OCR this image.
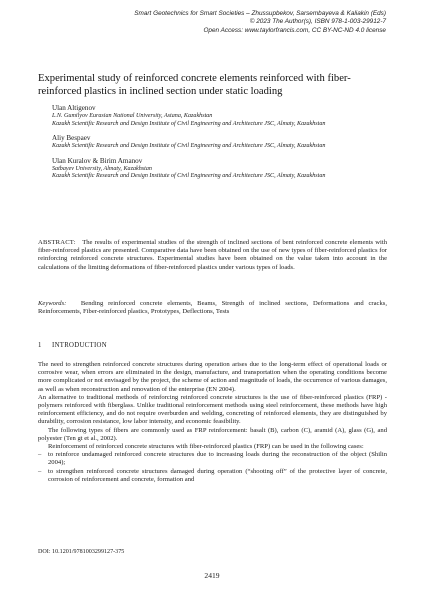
Smart Geotechnics for Smart Societies – Zhussupbekov, Sarsembayeva & Kaliakin (Eds)
© 2023 The Author(s), ISBN 978-1-003-29912-7
Open Access: www.taylorfrancis.com, CC BY-NC-ND 4.0 license
Experimental study of reinforced concrete elements reinforced with fiber-reinforced plastics in inclined section under static loading
Ulan Altigenov
L.N. Gumilyov Eurasian National University, Astana, Kazakhstan
Kazakh Scientific Research and Design Institute of Civil Engineering and Architecture JSC, Almaty, Kazakhstan
Aliy Bespaev
Kazakh Scientific Research and Design Institute of Civil Engineering and Architecture JSC, Almaty, Kazakhstan
Ulan Kuralov & Birim Amanov
Satbayev University, Almaty, Kazakhstan
Kazakh Scientific Research and Design Institute of Civil Engineering and Architecture JSC, Almaty, Kazakhstan
ABSTRACT: The results of experimental studies of the strength of inclined sections of bent reinforced concrete elements with fiber-reinforced plastics are presented. Comparative data have been obtained on the use of new types of fiber-reinforced plastics for reinforcing reinforced concrete structures. Experimental studies have been obtained on the value taken into account in the calculations of the limiting deformations of fiber-reinforced plastics under various types of loads.
Keywords: Bending reinforced concrete elements, Beams, Strength of inclined sections, Deformations and cracks, Reinforcements, Fiber-reinforced plastics, Prototypes, Deflections, Tests
1 INTRODUCTION

The need to strengthen reinforced concrete structures during operation arises due to the long-term effect of operational loads or corrosive wear, when errors are eliminated in the design, manufacture, and transportation when the operating conditions become more complicated or not envisaged by the project, the scheme of action and magnitude of loads, the occurrence of various damages, as well as when reconstruction and renovation of the enterprise (EN 2004).

An alternative to traditional methods of reinforcing reinforced concrete structures is the use of fiber-reinforced plastics (FRP) - polymers reinforced with fiberglass. Unlike traditional reinforcement methods using steel reinforcement, these methods have high reinforcement efficiency, and do not require overburden and welding, concreting of reinforced elements, they are distinguished by durability, corrosion resistance, low labor intensity, and economic feasibility.

The following types of fibers are commonly used as FRP reinforcement: basalt (B), carbon (C), aramid (A), glass (G), and polyester (Ten gt et al., 2002).

Reinforcement of reinforced concrete structures with fiber-reinforced plastics (FRP) can be used in the following cases:

– to reinforce undamaged reinforced concrete structures due to increasing loads during the reconstruction of the object (Shilin 2004);
– to strengthen reinforced concrete structures damaged during operation (“shooting off” of the protective layer of concrete, corrosion of reinforcement and concrete, formation and
DOI: 10.1201/9781003299127-375
2419
